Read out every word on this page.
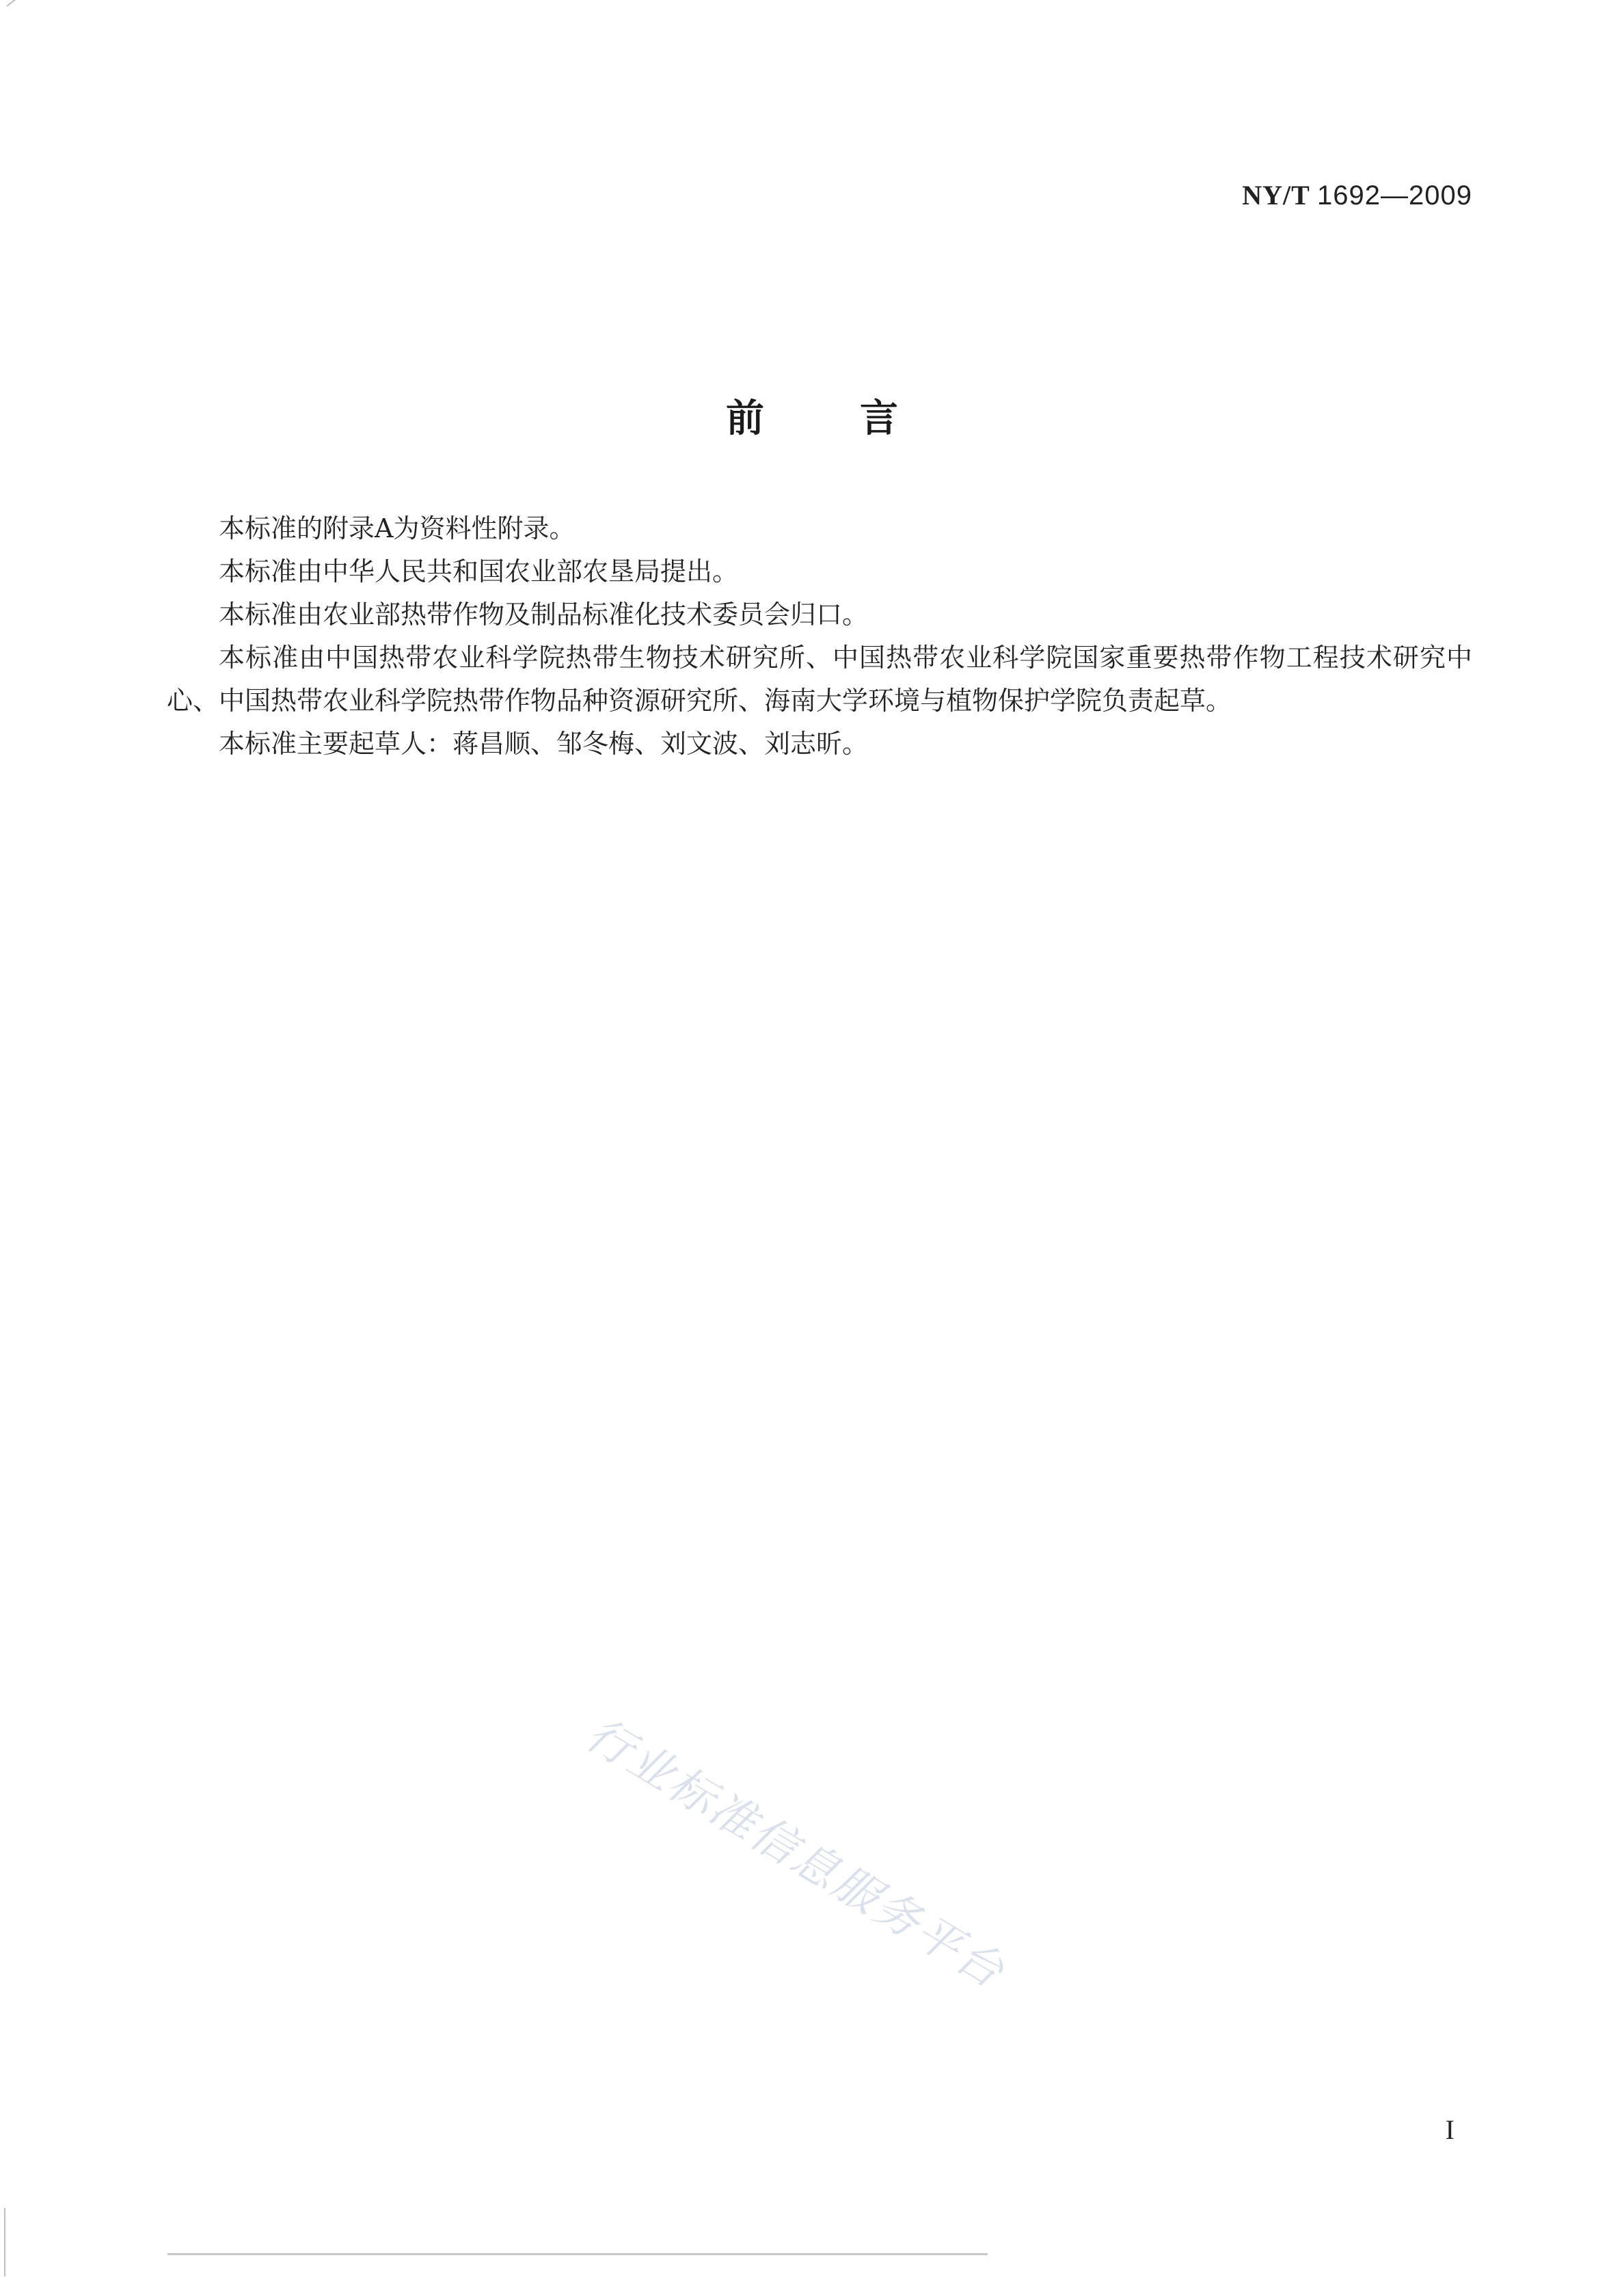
NY/T 1692—2009
前言

本标准的附录A为资料性附录。

本标准由中华人民共和国农业部农垦局提出。

本标准由农业部热带作物及制品标准化技术委员会归口。

本标准由中国热带农业科学院热带生物技术研究所、中国热带农业科学院国家重要热带作物工程技术研究中心、中国热带农业科学院热带作物品种资源研究所、海南大学环境与植物保护学院负责起草。

本标准主要起草人：蒋昌顺、邹冬梅、刘文波、刘志昕。

行业标准信息服务平台
I
